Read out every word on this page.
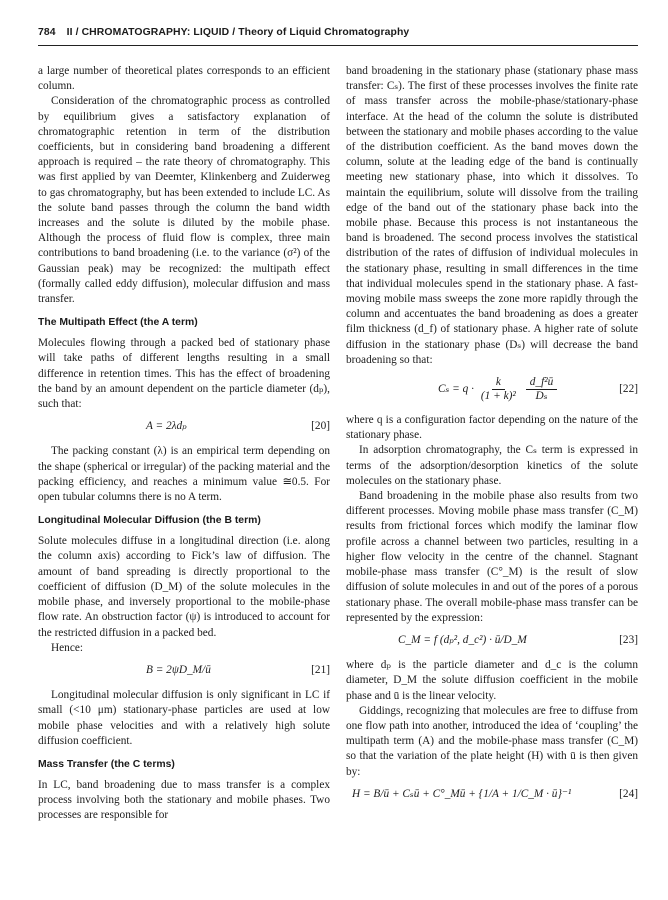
784 II / CHROMATOGRAPHY: LIQUID / Theory of Liquid Chromatography

a large number of theoretical plates corresponds to an efficient column.

Consideration of the chromatographic process as controlled by equilibrium gives a satisfactory explanation of chromatographic retention in term of the distribution coefficients, but in considering band broadening a different approach is required – the rate theory of chromatography. This was first applied by van Deemter, Klinkenberg and Zuiderweg to gas chromatography, but has been extended to include LC. As the solute band passes through the column the band width increases and the solute is diluted by the mobile phase. Although the process of fluid flow is complex, three main contributions to band broadening (i.e. to the variance (σ²) of the Gaussian peak) may be recognized: the multipath effect (formally called eddy diffusion), molecular diffusion and mass transfer.

The Multipath Effect (the A term)

Molecules flowing through a packed bed of stationary phase will take paths of different lengths resulting in a small difference in retention times. This has the effect of broadening the band by an amount dependent on the particle diameter (dₚ), such that:

A = 2λdₚ	[20]

The packing constant (λ) is an empirical term depending on the shape (spherical or irregular) of the packing material and the packing efficiency, and reaches a minimum value ≅0.5. For open tubular columns there is no A term.

Longitudinal Molecular Diffusion (the B term)

Solute molecules diffuse in a longitudinal direction (i.e. along the column axis) according to Fick’s law of diffusion. The amount of band spreading is directly proportional to the coefficient of diffusion (D_M) of the solute molecules in the mobile phase, and inversely proportional to the mobile-phase flow rate. An obstruction factor (ψ) is introduced to account for the restricted diffusion in a packed bed.

Hence:

B = 2ψD_M/ū	[21]

Longitudinal molecular diffusion is only significant in LC if small (<10 μm) stationary-phase particles are used at low mobile phase velocities and with a relatively high solute diffusion coefficient.

Mass Transfer (the C terms)

In LC, band broadening due to mass transfer is a complex process involving both the stationary and mobile phases. Two processes are responsible for

band broadening in the stationary phase (stationary phase mass transfer: Cₛ). The first of these processes involves the finite rate of mass transfer across the mobile-phase/stationary-phase interface. At the head of the column the solute is distributed between the stationary and mobile phases according to the value of the distribution coefficient. As the band moves down the column, solute at the leading edge of the band is continually meeting new stationary phase, into which it dissolves. To maintain the equilibrium, solute will dissolve from the trailing edge of the band out of the stationary phase back into the mobile phase. Because this process is not instantaneous the band is broadened. The second process involves the statistical distribution of the rates of diffusion of individual molecules in the stationary phase, resulting in small differences in the time that individual molecules spend in the stationary phase. A fast-moving mobile mass sweeps the zone more rapidly through the column and accentuates the band broadening as does a greater film thickness (d_f) of stationary phase. A higher rate of solute diffusion in the stationary phase (Dₛ) will decrease the band broadening so that:

$C_s = q \cdot \frac{k}{\text{(1 + k)²}} \frac{\text{d\_f²ū}}{\text{Dₛ}}$	[22]

where q is a configuration factor depending on the nature of the stationary phase.

In adsorption chromatography, the Cₛ term is expressed in terms of the adsorption/desorption kinetics of the solute molecules on the stationary phase.

Band broadening in the mobile phase also results from two different processes. Moving mobile phase mass transfer (C_M) results from frictional forces which modify the laminar flow profile across a channel between two particles, resulting in a higher flow velocity in the centre of the channel. Stagnant mobile-phase mass transfer (C°_M) is the result of slow diffusion of solute molecules in and out of the pores of a porous stationary phase. The overall mobile-phase mass transfer can be represented by the expression:

C_M = f (dₚ², d_c²) · ū/D_M	[23]

where dₚ is the particle diameter and d_c is the column diameter, D_M the solute diffusion coefficient in the mobile phase and ū is the linear velocity.

Giddings, recognizing that molecules are free to diffuse from one flow path into another, introduced the idea of ‘coupling’ the multipath term (A) and the mobile-phase mass transfer (C_M) so that the variation of the plate height (H) with ū is then given by:

H = B/ū + Cₛū + C°_Mū + {1/A + 1/C_M · ū}⁻¹	[24]
